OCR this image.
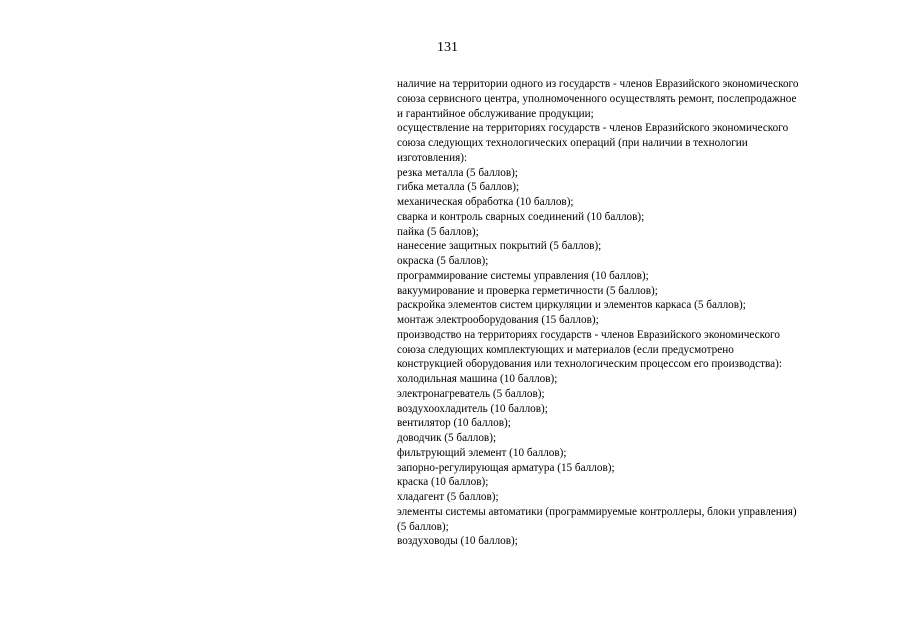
131
наличие на территории одного из государств - членов Евразийского экономического
союза сервисного центра, уполномоченного осуществлять ремонт, послепродажное
и гарантийное обслуживание продукции;
осуществление на территориях государств - членов Евразийского экономического
союза следующих технологических операций (при наличии в технологии
изготовления):
резка металла (5 баллов);
гибка металла (5 баллов);
механическая обработка (10 баллов);
сварка и контроль сварных соединений (10 баллов);
пайка (5 баллов);
нанесение защитных покрытий (5 баллов);
окраска (5 баллов);
программирование системы управления (10 баллов);
вакуумирование и проверка герметичности (5 баллов);
раскройка элементов систем циркуляции и элементов каркаса (5 баллов);
монтаж электрооборудования (15 баллов);
производство на территориях государств - членов Евразийского экономического
союза следующих комплектующих и материалов (если предусмотрено
конструкцией оборудования или технологическим процессом его производства):
холодильная машина (10 баллов);
электронагреватель (5 баллов);
воздухоохладитель (10 баллов);
вентилятор (10 баллов);
доводчик (5 баллов);
фильтрующий элемент (10 баллов);
запорно-регулирующая арматура (15 баллов);
краска (10 баллов);
хладагент (5 баллов);
элементы системы автоматики (программируемые контроллеры, блоки управления)
(5 баллов);
воздуховоды (10 баллов);
